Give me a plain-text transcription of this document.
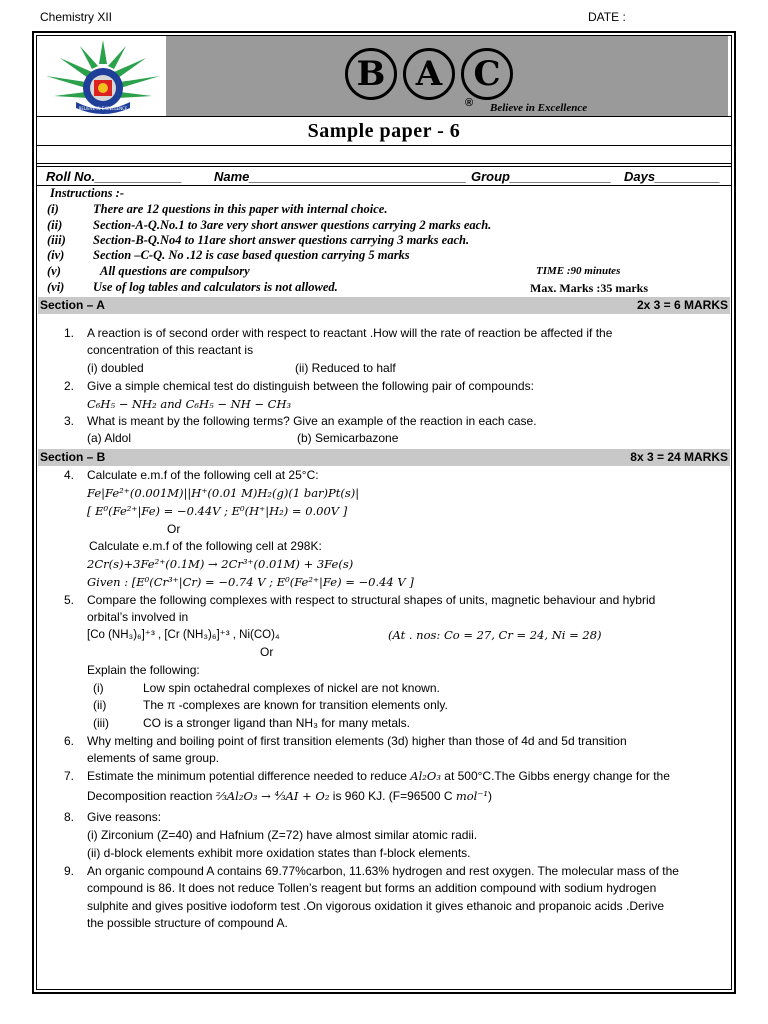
Chemistry XII	DATE :
BELIEVE IN EXCELLENCE
B A C
® Believe in Excellence
Sample paper - 6
Roll No.____________ Name______________________________ Group______________ Days_________
Instructions :-
(i)	There are 12 questions in this paper with internal choice.
(ii) Section-A-Q.No.1 to 3are very short answer questions carrying 2 marks each.
(iii) Section-B-Q.No4 to 11are short answer questions carrying 3 marks each.
(iv) Section –C-Q. No .12 is case based question carrying 5 marks
(v)	All questions are compulsory	TIME :90 minutes
(vi) Use of log tables and calculators is not allowed.	Max. Marks :35 marks
Section – A	2x 3 = 6 MARKS
1. A reaction is of second order with respect to reactant .How will the rate of reaction be affected if the
concentration of this reactant is
(i) doubled	(ii) Reduced to half
2. Give a simple chemical test do distinguish between the following pair of compounds:
C₆H₅ − NH₂ and C₆H₅ − NH − CH₃
3. What is meant by the following terms? Give an example of the reaction in each case.
(a) Aldol	(b) Semicarbazone
Section – B	8x 3 = 24 MARKS
4. Calculate e.m.f of the following cell at 25°C:
Fe|Fe²⁺(0.001M)||H⁺(0.01 M)H₂(g)(1 bar)Pt(s)|
[ E⁰(Fe²⁺|Fe) = −0.44V ; E⁰(H⁺|H₂) = 0.00V ]
Or
Calculate e.m.f of the following cell at 298K:
2Cr(s)+3Fe²⁺(0.1M) → 2Cr³⁺(0.01M) + 3Fe(s)
Given : [E⁰(Cr³⁺|Cr) = −0.74 V ; E⁰(Fe²⁺|Fe) = −0.44 V ]
5. Compare the following complexes with respect to structural shapes of units, magnetic behaviour and hybrid
orbital’s involved in
[Co (NH₃)₆]⁺³ , [Cr (NH₃)₆]⁺³ , Ni(CO)₄	(At . nos: Co = 27, Cr = 24, Ni = 28)
Or
Explain the following:
(i)	Low spin octahedral complexes of nickel are not known.
(ii)	The π -complexes are known for transition elements only.
(iii)	CO is a stronger ligand than NH₃ for many metals.
6. Why melting and boiling point of first transition elements (3d) higher than those of 4d and 5d transition
elements of same group.
7. Estimate the minimum potential difference needed to reduce Al₂O₃ at 500°C.The Gibbs energy change for the
Decomposition reaction ⅔Al₂O₃ → ⁴⁄₃AI + O₂ is 960 KJ. (F=96500 C mol⁻¹)
8. Give reasons:
(i) Zirconium (Z=40) and Hafnium (Z=72) have almost similar atomic radii.
(ii) d-block elements exhibit more oxidation states than f-block elements.
9. An organic compound A contains 69.77%carbon, 11.63% hydrogen and rest oxygen. The molecular mass of the
compound is 86. It does not reduce Tollen’s reagent but forms an addition compound with sodium hydrogen
sulphite and gives positive iodoform test .On vigorous oxidation it gives ethanoic and propanoic acids .Derive
the possible structure of compound A.
